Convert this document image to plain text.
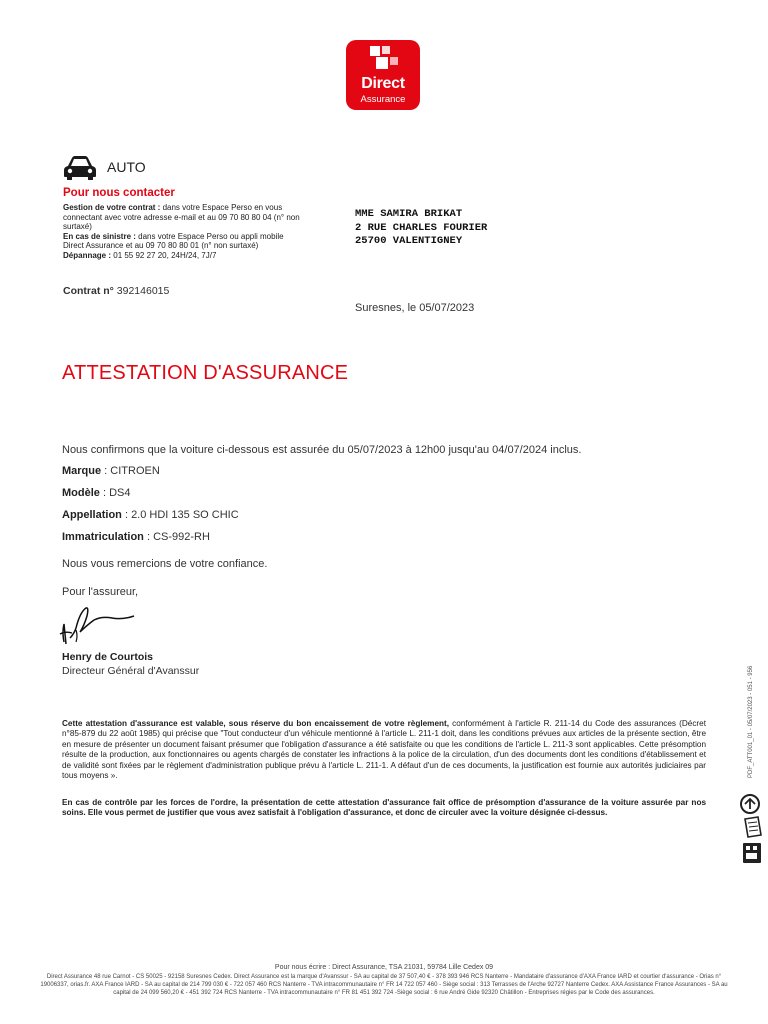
Direct
Assurance
AUTO
Pour nous contacter
Gestion de votre contrat : dans votre Espace Perso en vous connectant avec votre adresse e-mail et au 09 70 80 80 04 (n° non surtaxé)
En cas de sinistre : dans votre Espace Perso ou appli mobile Direct Assurance et au 09 70 80 80 01 (n° non surtaxé)
Dépannage : 01 55 92 27 20, 24H/24, 7J/7
Contrat n° 392146015
MME SAMIRA BRIKAT
2 RUE CHARLES FOURIER
25700 VALENTIGNEY
Suresnes, le 05/07/2023
ATTESTATION D'ASSURANCE
Nous confirmons que la voiture ci-dessous est assurée du 05/07/2023 à 12h00 jusqu'au 04/07/2024 inclus.
Marque : CITROEN
Modèle : DS4
Appellation : 2.0 HDI 135 SO CHIC
Immatriculation : CS-992-RH
Nous vous remercions de votre confiance.
Pour l'assureur,
Henry de Courtois
Directeur Général d'Avanssur
Cette attestation d'assurance est valable, sous réserve du bon encaissement de votre règlement, conformément à l'article R. 211-14 du Code des assurances (Décret n°85-879 du 22 août 1985) qui précise que "Tout conducteur d'un véhicule mentionné à l'article L. 211-1 doit, dans les conditions prévues aux articles de la présente section, être en mesure de présenter un document faisant présumer que l'obligation d'assurance a été satisfaite ou que les conditions de l'article L. 211-3 sont applicables. Cette présomption résulte de la production, aux fonctionnaires ou agents chargés de constater les infractions à la police de la circulation, d'un des documents dont les conditions d'établissement et de validité sont fixées par le règlement d'administration publique prévu à l'article L. 211-1. A défaut d'un de ces documents, la justification est fournie aux autorités judiciaires par tous moyens ».
En cas de contrôle par les forces de l'ordre, la présentation de cette attestation d'assurance fait office de présomption d'assurance de la voiture assurée par nos soins. Elle vous permet de justifier que vous avez satisfait à l'obligation d'assurance, et donc de circuler avec la voiture désignée ci-dessus.
PDF_ATT001_01 - 05/07/2023 - 051 - 956
Pour nous écrire : Direct Assurance, TSA 21031, 59784 Lille Cedex 09
Direct Assurance 48 rue Carnot - CS 50025 - 92158 Suresnes Cedex. Direct Assurance est la marque d'Avanssur - SA au capital de 37 507,40 € - 378 393 946 RCS Nanterre - Mandataire d'assurance d'AXA France IARD et courtier d'assurance - Orias n° 19006337, orias.fr. AXA France IARD - SA au capital de 214 799 030 € - 722 057 460 RCS Nanterre - TVA intracommunautaire n° FR 14 722 057 460 - Siège social : 313 Terrasses de l'Arche 92727 Nanterre Cedex. AXA Assistance France Assurances - SA au capital de 24 099 560,20 € - 451 392 724 RCS Nanterre - TVA intracommunautaire n° FR 81 451 392 724 -Siège social : 6 rue André Gide 92320 Châtillon - Entreprises régies par le Code des assurances.
